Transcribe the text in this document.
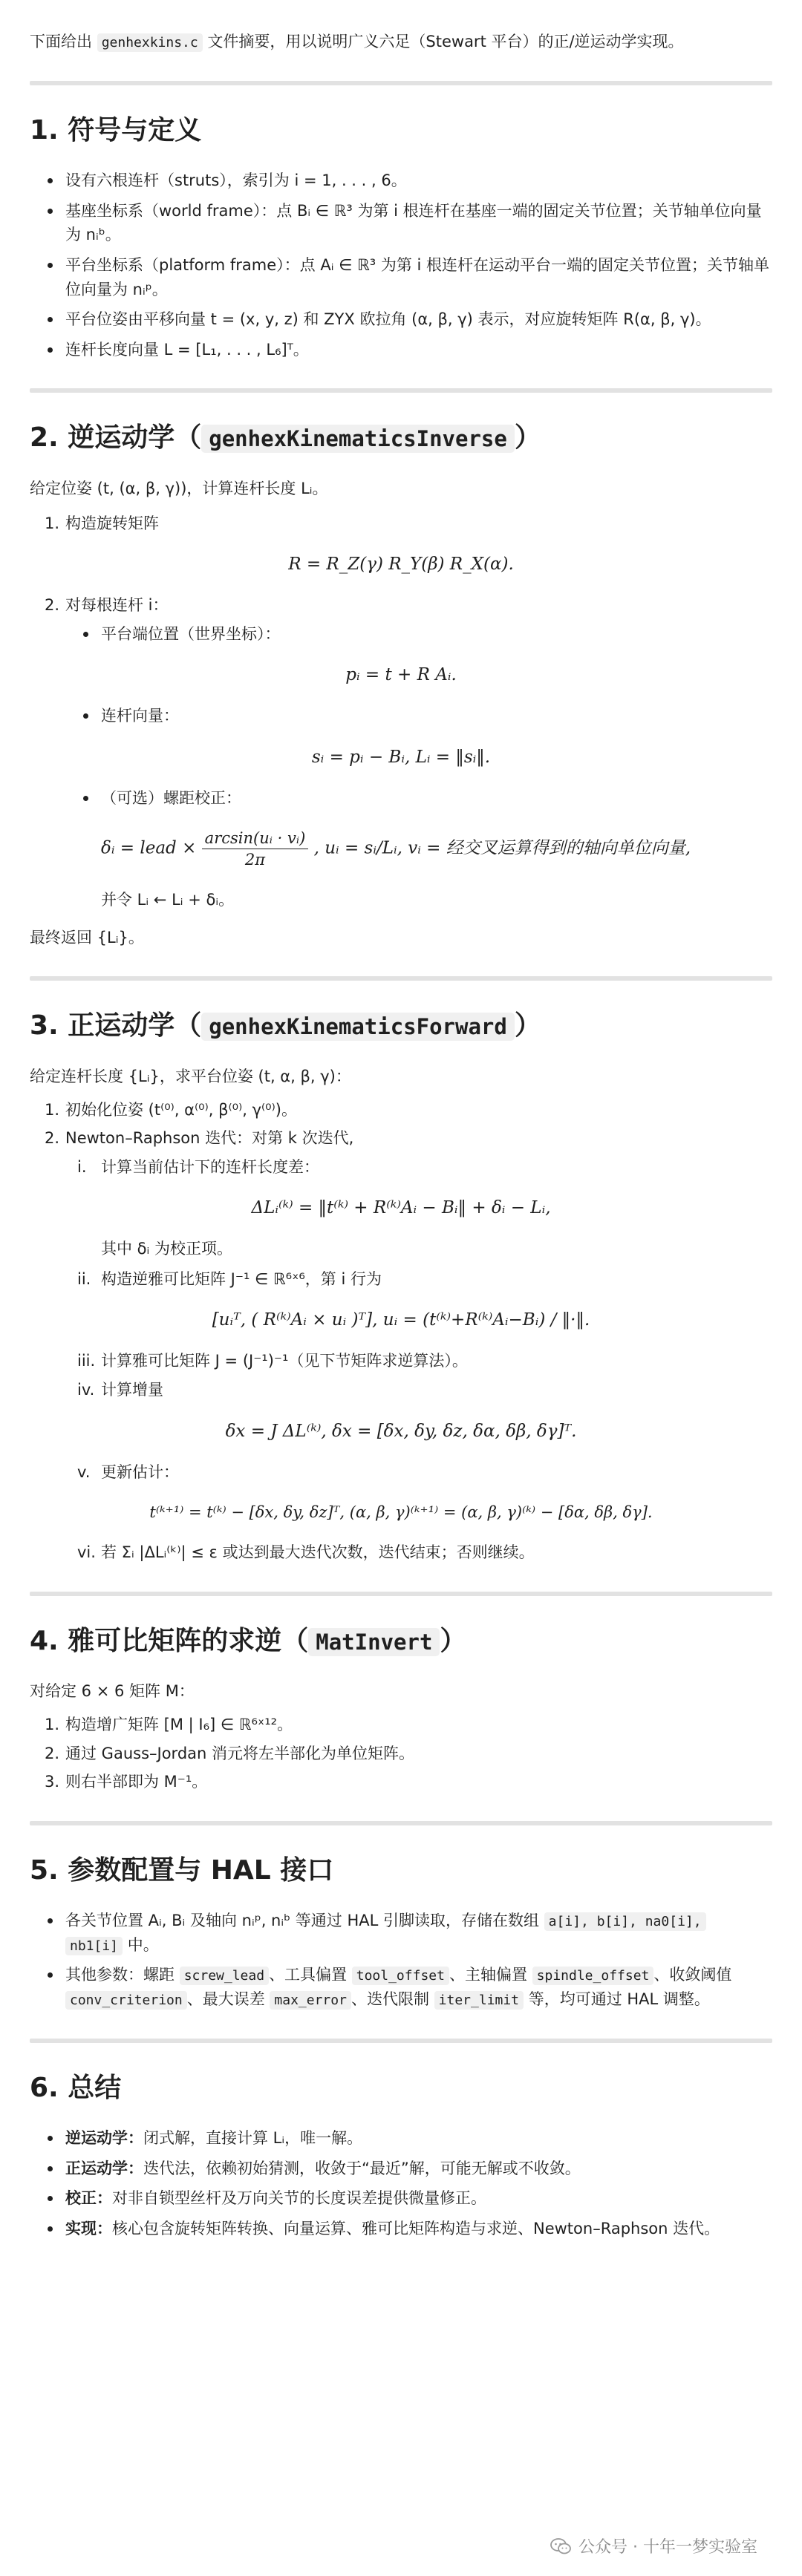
下面给出 genhexkins.c 文件摘要，用以说明广义六足（Stewart 平台）的正/逆运动学实现。

1. 符号与定义
设有六根连杆（struts），索引为 i = 1, . . . , 6。
基座坐标系（world frame）：点 Bᵢ ∈ ℝ³ 为第 i 根连杆在基座一端的固定关节位置；关节轴单位向量为 nᵢᵇ。
平台坐标系（platform frame）：点 Aᵢ ∈ ℝ³ 为第 i 根连杆在运动平台一端的固定关节位置；关节轴单位向量为 nᵢᵖ。
平台位姿由平移向量 t = (x, y, z) 和 ZYX 欧拉角 (α, β, γ) 表示，对应旋转矩阵 R(α, β, γ)。
连杆长度向量 L = [L₁, . . . , L₆]ᵀ。
2. 逆运动学（ genhexKinematicsInverse ）

给定位姿 (t, (α, β, γ))，计算连杆长度 Lᵢ。

1. 构造旋转矩阵
R = R_Z(γ) R_Y(β) R_X(α).
2. 对每根连杆 i：
平台端位置（世界坐标）：
pᵢ = t + R Aᵢ.
连杆向量：
sᵢ = pᵢ − Bᵢ, Lᵢ = ‖sᵢ‖.
（可选）螺距校正：
δᵢ = lead × $\frac{\text{arcsin(uᵢ · vᵢ)}}{2\pi}$ , uᵢ = sᵢ/Lᵢ, vᵢ = 经交叉运算得到的轴向单位向量,

并令 Lᵢ ← Lᵢ + δᵢ。

最终返回 {Lᵢ}。

3. 正运动学（ genhexKinematicsForward ）

给定连杆长度 {Lᵢ}，求平台位姿 (t, α, β, γ)：

1. 初始化位姿 (t⁽⁰⁾, α⁽⁰⁾, β⁽⁰⁾, γ⁽⁰⁾)。
2. Newton–Raphson 迭代：对第 k 次迭代,
i. 计算当前估计下的连杆长度差：
ΔLᵢ⁽ᵏ⁾ = ‖t⁽ᵏ⁾ + R⁽ᵏ⁾Aᵢ − Bᵢ‖ + δᵢ − Lᵢ,

其中 δᵢ 为校正项。

ii. 构造逆雅可比矩阵 J⁻¹ ∈ ℝ⁶ˣ⁶，第 i 行为
[uᵢᵀ, ( R⁽ᵏ⁾Aᵢ × uᵢ )ᵀ], uᵢ = (t⁽ᵏ⁾+R⁽ᵏ⁾Aᵢ−Bᵢ) / ‖·‖.
iii. 计算雅可比矩阵 J = (J⁻¹)⁻¹（见下节矩阵求逆算法）。
iv. 计算增量
δx = J ΔL⁽ᵏ⁾, δx = [δx, δy, δz, δα, δβ, δγ]ᵀ.
v. 更新估计：
t⁽ᵏ⁺¹⁾ = t⁽ᵏ⁾ − [δx, δy, δz]ᵀ, (α, β, γ)⁽ᵏ⁺¹⁾ = (α, β, γ)⁽ᵏ⁾ − [δα, δβ, δγ].
vi. 若 Σᵢ |ΔLᵢ⁽ᵏ⁾| ≤ ε 或达到最大迭代次数，迭代结束；否则继续。
4. 雅可比矩阵的求逆（ MatInvert ）

对给定 6 × 6 矩阵 M：

1. 构造增广矩阵 [M | I₆] ∈ ℝ⁶ˣ¹²。
2. 通过 Gauss–Jordan 消元将左半部化为单位矩阵。
3. 则右半部即为 M⁻¹。
5. 参数配置与 HAL 接口
各关节位置 Aᵢ, Bᵢ 及轴向 nᵢᵖ, nᵢᵇ 等通过 HAL 引脚读取，存储在数组 a[i], b[i], na0[i],
nb1[i] 中。
其他参数：螺距 screw_lead 、工具偏置 tool_offset 、主轴偏置 spindle_offset 、收敛阈值
conv_criterion 、最大误差 max_error 、迭代限制 iter_limit 等，均可通过 HAL 调整。
6. 总结
逆运动学：闭式解，直接计算 Lᵢ，唯一解。
正运动学：迭代法，依赖初始猜测，收敛于“最近”解，可能无解或不收敛。
校正：对非自锁型丝杆及万向关节的长度误差提供微量修正。
实现：核心包含旋转矩阵转换、向量运算、雅可比矩阵构造与求逆、Newton–Raphson 迭代。
公众号 · 十年一梦实验室
